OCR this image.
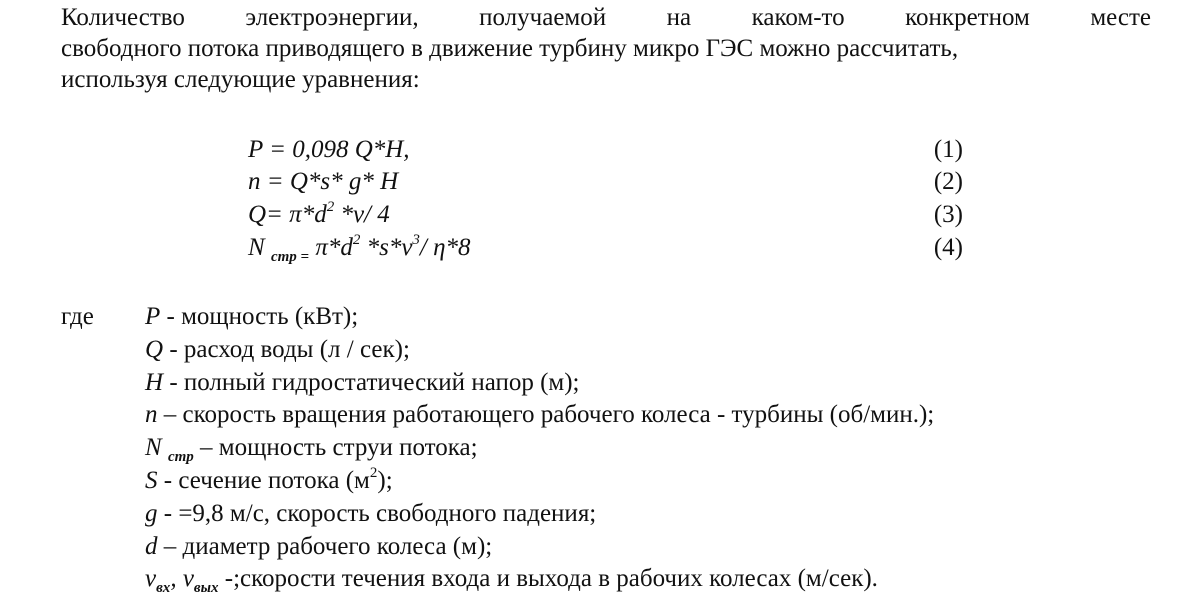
Количество электроэнергии, получаемой на каком-то конкретном месте
свободного потока приводящего в движение турбину микро ГЭС можно рассчитать,
используя следующие уравнения:
P = 0,098 Q*H,	(1)
n = Q*s* g* H	(2)
$Q= \pi*d^2$ *v/ 4	(3)
N $_{стр =}$ $\pi*d^2$ $*s*v^3/$ η*8	(4)
где P - мощность (кВт);
Q - расход воды (л / сек);
H - полный гидростатический напор (м);
n – скорость вращения работающего рабочего колеса - турбины (об/мин.);
N $_{стр}$ – мощность струи потока;
S - сечение потока $(м^2)$;
g - =9,8 м/с, скорость свободного падения;
d – диаметр рабочего колеса (м);
$v_{вх}$, $v_{вых}$ -;скорости течения входа и выхода в рабочих колесах (м/сек).
